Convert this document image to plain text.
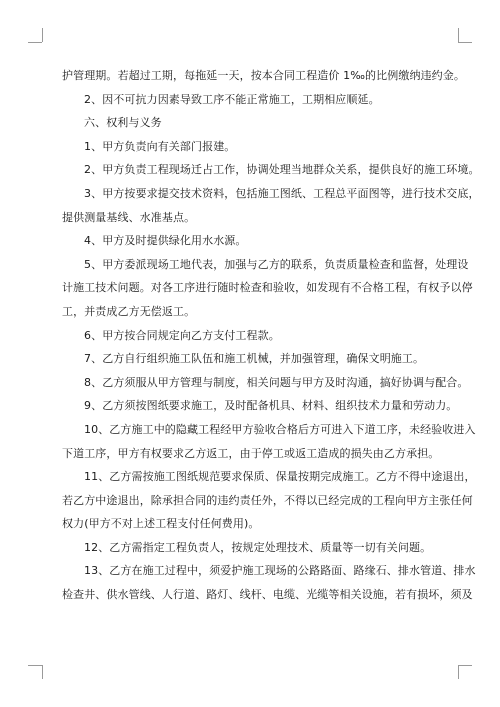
护管理期。若超过工期，每拖延一天，按本合同工程造价 1‰的比例缴纳违约金。
2、因不可抗力因素导致工序不能正常施工，工期相应顺延。
六、权利与义务
1、甲方负责向有关部门报建。
2、甲方负责工程现场迁占工作，协调处理当地群众关系，提供良好的施工环境。
3、甲方按要求提交技术资料，包括施工图纸、工程总平面图等，进行技术交底，
提供测量基线、水准基点。
4、甲方及时提供绿化用水水源。
5、甲方委派现场工地代表，加强与乙方的联系，负责质量检查和监督，处理设
计施工技术问题。对各工序进行随时检查和验收，如发现有不合格工程，有权予以停
工，并责成乙方无偿返工。
6、甲方按合同规定向乙方支付工程款。
7、乙方自行组织施工队伍和施工机械，并加强管理，确保文明施工。
8、乙方须服从甲方管理与制度，相关问题与甲方及时沟通，搞好协调与配合。
9、乙方须按图纸要求施工，及时配备机具、材料、组织技术力量和劳动力。
10、乙方施工中的隐藏工程经甲方验收合格后方可进入下道工序，未经验收进入
下道工序，甲方有权要求乙方返工，由于停工或返工造成的损失由乙方承担。
11、乙方需按施工图纸规范要求保质、保量按期完成施工。乙方不得中途退出，
若乙方中途退出，除承担合同的违约责任外，不得以已经完成的工程向甲方主张任何
权力(甲方不对上述工程支付任何费用)。
12、乙方需指定工程负责人，按规定处理技术、质量等一切有关问题。
13、乙方在施工过程中，须爱护施工现场的公路路面、路缘石、排水管道、排水
检查井、供水管线、人行道、路灯、线杆、电缆、光缆等相关设施，若有损坏，须及
